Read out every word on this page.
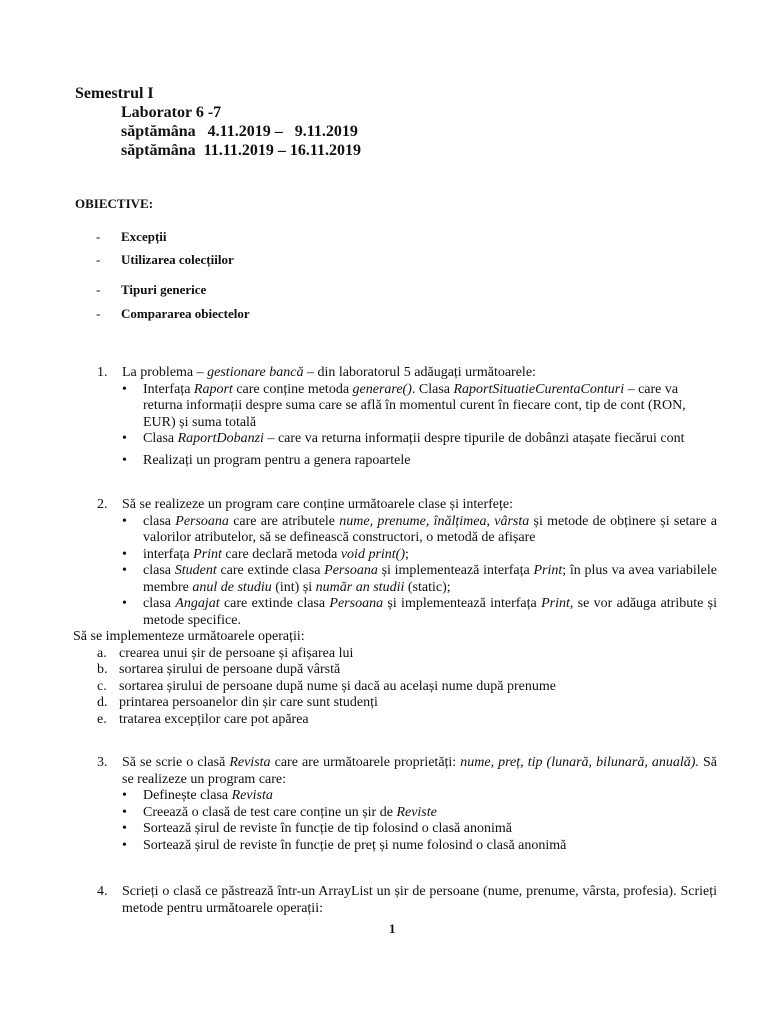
Semestrul I
Laborator 6 -7
săptămâna   4.11.2019 –   9.11.2019
săptămâna  11.11.2019 – 16.11.2019
OBIECTIVE:
- Excepții
- Utilizarea colecțiilor
- Tipuri generice
- Compararea obiectelor
1. La problema – gestionare bancă – din laboratorul 5 adăugați următoarele:
• Interfața Raport care conține metoda generare(). Clasa RaportSituatieCurentaConturi – care va returna informații despre suma care se află în momentul curent în fiecare cont, tip de cont (RON, EUR) și suma totală
• Clasa RaportDobanzi – care va returna informații despre tipurile de dobânzi atașate fiecărui cont
• Realizați un program pentru a genera rapoartele
2. Să se realizeze un program care conține următoarele clase și interfețe:
• clasa Persoana care are atributele nume, prenume, înălțimea, vârsta și metode de obținere și setare a valorilor atributelor, să se definească constructori, o metodă de afișare
• interfața Print care declară metoda void print();
• clasa Student care extinde clasa Persoana și implementează interfața Print; în plus va avea variabilele membre anul de studiu (int) și număr an studii (static);
• clasa Angajat care extinde clasa Persoana și implementează interfața Print, se vor adăuga atribute și metode specifice.
Să se implementeze următoarele operații:
a. crearea unui șir de persoane și afișarea lui
b. sortarea șirului de persoane după vârstă
c. sortarea șirului de persoane după nume și dacă au același nume după prenume
d. printarea persoanelor din șir care sunt studenți
e. tratarea excepților care pot apărea
3. Să se scrie o clasă Revista care are următoarele proprietăți: nume, preț, tip (lunară, bilunară, anuală). Să se realizeze un program care:
• Definește clasa Revista
• Creează o clasă de test care conține un șir de Reviste
• Sortează șirul de reviste în funcție de tip folosind o clasă anonimă
• Sortează șirul de reviste în funcție de preț și nume folosind o clasă anonimă
4. Scrieți o clasă ce păstrează într-un ArrayList un șir de persoane (nume, prenume, vârsta, profesia). Scrieți metode pentru următoarele operații:
1
